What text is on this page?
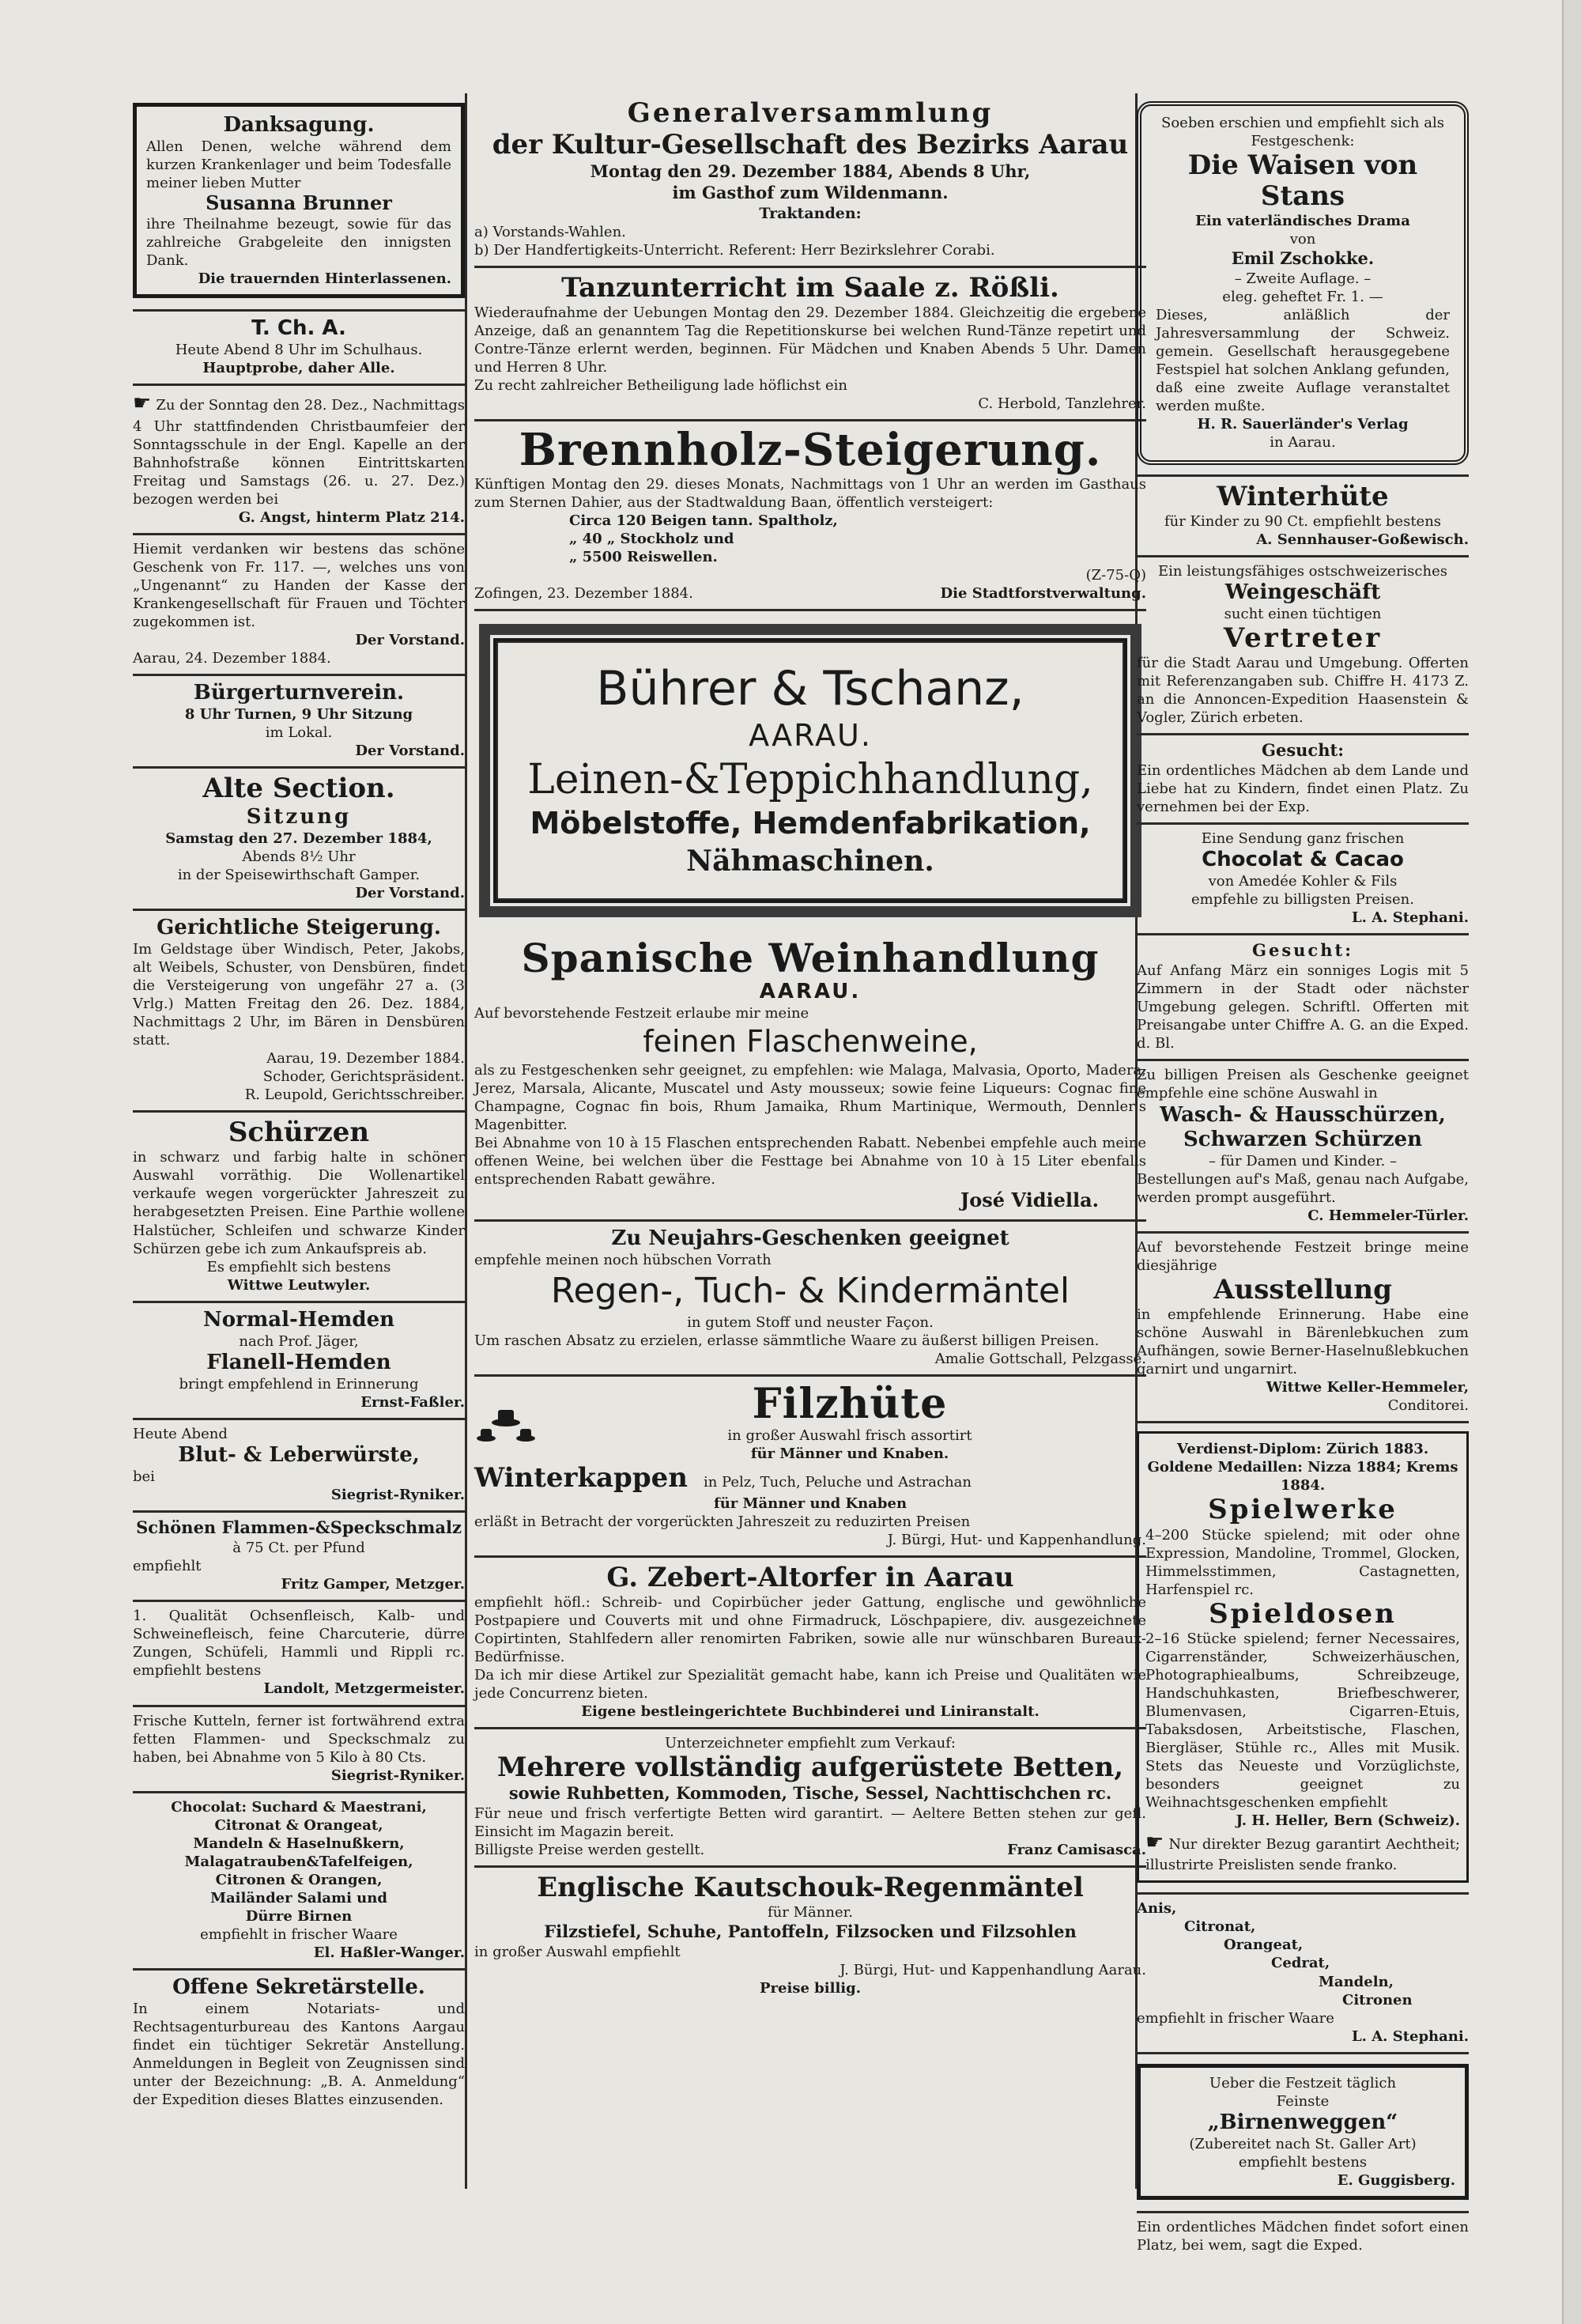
Danksagung.

Allen Denen, welche während dem kurzen Krankenlager und beim Todesfalle meiner lieben Mutter

Susanna Brunner

ihre Theilnahme bezeugt, sowie für das zahlreiche Grabgeleite den innigsten Dank.

Die trauernden Hinterlassenen.

T. Ch. A.

Heute Abend 8 Uhr im Schulhaus.

Hauptprobe, daher Alle.

☛ Zu der Sonntag den 28. Dez., Nachmittags 4 Uhr stattfindenden Christbaumfeier der Sonntagsschule in der Engl. Kapelle an der Bahnhofstraße können Eintrittskarten Freitag und Samstags (26. u. 27. Dez.) bezogen werden bei

G. Angst, hinterm Platz 214.

Hiemit verdanken wir bestens das schöne Geschenk von Fr. 117. —, welches uns von „Ungenannt“ zu Handen der Kasse der Krankengesellschaft für Frauen und Töchter zugekommen ist.

Der Vorstand.

Aarau, 24. Dezember 1884.

Bürgerturnverein.

8 Uhr Turnen, 9 Uhr Sitzung

im Lokal.

Der Vorstand.

Alte Section.
Sitzung

Samstag den 27. Dezember 1884,

Abends 8½ Uhr

in der Speisewirthschaft Gamper.

Der Vorstand.

Gerichtliche Steigerung.

Im Geldstage über Windisch, Peter, Jakobs, alt Weibels, Schuster, von Densbüren, findet die Versteigerung von ungefähr 27 a. (3 Vrlg.) Matten Freitag den 26. Dez. 1884, Nachmittags 2 Uhr, im Bären in Densbüren statt.

Aarau, 19. Dezember 1884.

Schoder, Gerichtspräsident.

R. Leupold, Gerichtsschreiber.

Schürzen

in schwarz und farbig halte in schöner Auswahl vorräthig. Die Wollenartikel verkaufe wegen vorgerückter Jahreszeit zu herabgesetzten Preisen. Eine Parthie wollene Halstücher, Schleifen und schwarze Kinder Schürzen gebe ich zum Ankaufspreis ab.

Es empfiehlt sich bestens

Wittwe Leutwyler.

Normal-Hemden

nach Prof. Jäger,

Flanell-Hemden

bringt empfehlend in Erinnerung

Ernst-Faßler.

Heute Abend

Blut- & Leberwürste,

bei

Siegrist-Ryniker.

Schönen Flammen-&Speckschmalz

à 75 Ct. per Pfund

empfiehlt

Fritz Gamper, Metzger.

1. Qualität Ochsenfleisch, Kalb- und Schweinefleisch, feine Charcuterie, dürre Zungen, Schüfeli, Hammli und Rippli rc. empfiehlt bestens

Landolt, Metzgermeister.

Frische Kutteln, ferner ist fortwährend extra fetten Flammen- und Speckschmalz zu haben, bei Abnahme von 5 Kilo à 80 Cts.

Siegrist-Ryniker.

Chocolat: Suchard & Maestrani,

Citronat & Orangeat,

Mandeln & Haselnußkern,

Malagatrauben&Tafelfeigen,

Citronen & Orangen,

Mailänder Salami und

Dürre Birnen

empfiehlt in frischer Waare

El. Haßler-Wanger.

Offene Sekretärstelle.

In einem Notariats- und Rechtsagenturbureau des Kantons Aargau findet ein tüchtiger Sekretär Anstellung. Anmeldungen in Begleit von Zeugnissen sind unter der Bezeichnung: „B. A. Anmeldung“ der Expedition dieses Blattes einzusenden.

Generalversammlung
der Kultur-Gesellschaft des Bezirks Aarau
Montag den 29. Dezember 1884, Abends 8 Uhr,
im Gasthof zum Wildenmann.
Traktanden:

a) Vorstands-Wahlen.

b) Der Handfertigkeits-Unterricht. Referent: Herr Bezirkslehrer Corabi.

Tanzunterricht im Saale z. Rößli.

Wiederaufnahme der Uebungen Montag den 29. Dezember 1884. Gleichzeitig die ergebene Anzeige, daß an genanntem Tag die Repetitionskurse bei welchen Rund-Tänze repetirt und Contre-Tänze erlernt werden, beginnen. Für Mädchen und Knaben Abends 5 Uhr. Damen und Herren 8 Uhr.

Zu recht zahlreicher Betheiligung lade höflichst ein

C. Herbold, Tanzlehrer.

Brennholz-Steigerung.

Künftigen Montag den 29. dieses Monats, Nachmittags von 1 Uhr an werden im Gasthaus zum Sternen Dahier, aus der Stadtwaldung Baan, öffentlich versteigert:

Circa 120 Beigen tann. Spaltholz,

„ 40 „ Stockholz und

„ 5500 Reiswellen.

(Z-75-Q)

Zofingen, 23. Dezember 1884.	Die Stadtforstverwaltung.
Bührer & Tschanz,
AARAU.
Leinen-&Teppichhandlung,
Möbelstoffe, Hemdenfabrikation,
Nähmaschinen.
Spanische Weinhandlung
AARAU.

Auf bevorstehende Festzeit erlaube mir meine

feinen Flaschenweine,

als zu Festgeschenken sehr geeignet, zu empfehlen: wie Malaga, Malvasia, Oporto, Madera, Jerez, Marsala, Alicante, Muscatel und Asty mousseux; sowie feine Liqueurs: Cognac fine Champagne, Cognac fin bois, Rhum Jamaika, Rhum Martinique, Wermouth, Dennler's Magenbitter.

Bei Abnahme von 10 à 15 Flaschen entsprechenden Rabatt. Nebenbei empfehle auch meine offenen Weine, bei welchen über die Festtage bei Abnahme von 10 à 15 Liter ebenfalls entsprechenden Rabatt gewähre.

José Vidiella.

Zu Neujahrs-Geschenken geeignet

empfehle meinen noch hübschen Vorrath

Regen-, Tuch- & Kindermäntel

in gutem Stoff und neuster Façon.

Um raschen Absatz zu erzielen, erlasse sämmtliche Waare zu äußerst billigen Preisen.

Amalie Gottschall, Pelzgasse.

Filzhüte

in großer Auswahl frisch assortirt

für Männer und Knaben.

Winterkappen in Pelz, Tuch, Peluche und Astrachan

für Männer und Knaben

erläßt in Betracht der vorgerückten Jahreszeit zu reduzirten Preisen

J. Bürgi, Hut- und Kappenhandlung.

G. Zebert-Altorfer in Aarau

empfiehlt höfl.: Schreib- und Copirbücher jeder Gattung, englische und gewöhnliche Postpapiere und Couverts mit und ohne Firmadruck, Löschpapiere, div. ausgezeichnete Copirtinten, Stahlfedern aller renomirten Fabriken, sowie alle nur wünschbaren Bureaux-Bedürfnisse.

Da ich mir diese Artikel zur Spezialität gemacht habe, kann ich Preise und Qualitäten wie jede Concurrenz bieten.

Eigene bestleingerichtete Buchbinderei und Liniranstalt.

Unterzeichneter empfiehlt zum Verkauf:

Mehrere vollständig aufgerüstete Betten,
sowie Ruhbetten, Kommoden, Tische, Sessel, Nachttischchen rc.

Für neue und frisch verfertigte Betten wird garantirt. — Aeltere Betten stehen zur gefl. Einsicht im Magazin bereit.

Billigste Preise werden gestellt.	Franz Camisasca.
Englische Kautschouk-Regenmäntel

für Männer.

Filzstiefel, Schuhe, Pantoffeln, Filzsocken und Filzsohlen

in großer Auswahl empfiehlt

J. Bürgi, Hut- und Kappenhandlung Aarau.

Preise billig.

Soeben erschien und empfiehlt sich als Festgeschenk:

Die Waisen von Stans

Ein vaterländisches Drama

von

Emil Zschokke.

– Zweite Auflage. –

eleg. geheftet Fr. 1. —

Dieses, anläßlich der Jahresversammlung der Schweiz. gemein. Gesellschaft herausgegebene Festspiel hat solchen Anklang gefunden, daß eine zweite Auflage veranstaltet werden mußte.

H. R. Sauerländer's Verlag

in Aarau.

Winterhüte

für Kinder zu 90 Ct. empfiehlt bestens

A. Sennhauser-Goßewisch.

Ein leistungsfähiges ostschweizerisches

Weingeschäft

sucht einen tüchtigen

Vertreter

für die Stadt Aarau und Umgebung. Offerten mit Referenzangaben sub. Chiffre H. 4173 Z. an die Annoncen-Expedition Haasenstein & Vogler, Zürich erbeten.

Gesucht:

Ein ordentliches Mädchen ab dem Lande und Liebe hat zu Kindern, findet einen Platz. Zu vernehmen bei der Exp.

Eine Sendung ganz frischen

Chocolat & Cacao

von Amedée Kohler & Fils

empfehle zu billigsten Preisen.

L. A. Stephani.

Gesucht:

Auf Anfang März ein sonniges Logis mit 5 Zimmern in der Stadt oder nächster Umgebung gelegen. Schriftl. Offerten mit Preisangabe unter Chiffre A. G. an die Exped. d. Bl.

Zu billigen Preisen als Geschenke geeignet empfehle eine schöne Auswahl in

Wasch- & Hausschürzen,
Schwarzen Schürzen

– für Damen und Kinder. –

Bestellungen auf's Maß, genau nach Aufgabe, werden prompt ausgeführt.

C. Hemmeler-Türler.

Auf bevorstehende Festzeit bringe meine diesjährige

Ausstellung

in empfehlende Erinnerung. Habe eine schöne Auswahl in Bärenlebkuchen zum Aufhängen, sowie Berner-Haselnußlebkuchen garnirt und ungarnirt.

Wittwe Keller-Hemmeler,

Conditorei.

Verdienst-Diplom: Zürich 1883. Goldene Medaillen: Nizza 1884; Krems 1884.

Spielwerke

4–200 Stücke spielend; mit oder ohne Expression, Mandoline, Trommel, Glocken, Himmelsstimmen, Castagnetten, Harfenspiel rc.

Spieldosen

2–16 Stücke spielend; ferner Necessaires, Cigarrenständer, Schweizerhäuschen, Photographiealbums, Schreibzeuge, Handschuhkasten, Briefbeschwerer, Blumenvasen, Cigarren-Etuis, Tabaksdosen, Arbeitstische, Flaschen, Biergläser, Stühle rc., Alles mit Musik. Stets das Neueste und Vorzüglichste, besonders geeignet zu Weihnachtsgeschenken empfiehlt

J. H. Heller, Bern (Schweiz).

☛ Nur direkter Bezug garantirt Aechtheit; illustrirte Preislisten sende franko.

Anis,

Citronat,

Orangeat,

Cedrat,

Mandeln,

Citronen

empfiehlt in frischer Waare

L. A. Stephani.

Ueber die Festzeit täglich

Feinste

„Birnenweggen“

(Zubereitet nach St. Galler Art)

empfiehlt bestens

E. Guggisberg.

Ein ordentliches Mädchen findet sofort einen Platz, bei wem, sagt die Exped.
